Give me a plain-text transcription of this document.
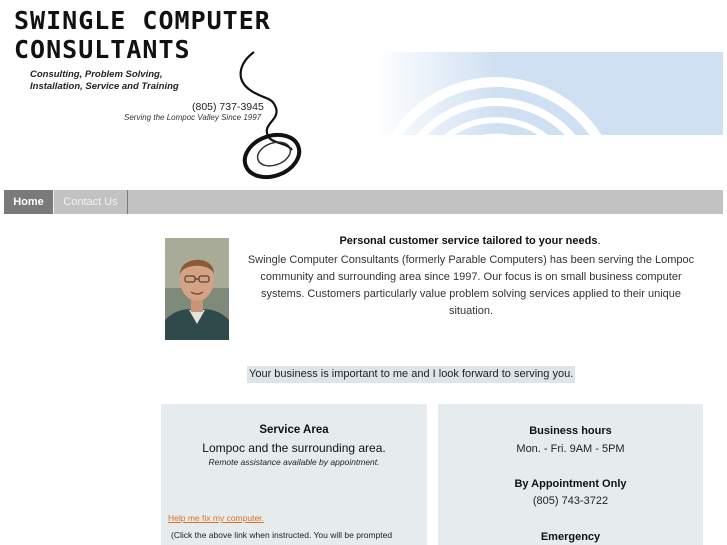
SWINGLE COMPUTER
CONSULTANTS
Consulting, Problem Solving,
Installation, Service and Training
(805) 737-3945
Serving the Lompoc Valley Since 1997
Home	Contact Us
Personal customer service tailored to your needs.
Swingle Computer Consultants (formerly Parable Computers) has been serving the Lompoc community and surrounding area since 1997. Our focus is on small business computer systems. Customers particularly value problem solving services applied to their unique situation.
Your business is important to me and I look forward to serving you.
Service Area
Lompoc and the surrounding area.
Remote assistance available by appointment.
Help me fix my computer.
(Click the above link when instructed. You will be prompted
Business hours
Mon. - Fri. 9AM - 5PM
By Appointment Only
(805) 743-3722
Emergency
